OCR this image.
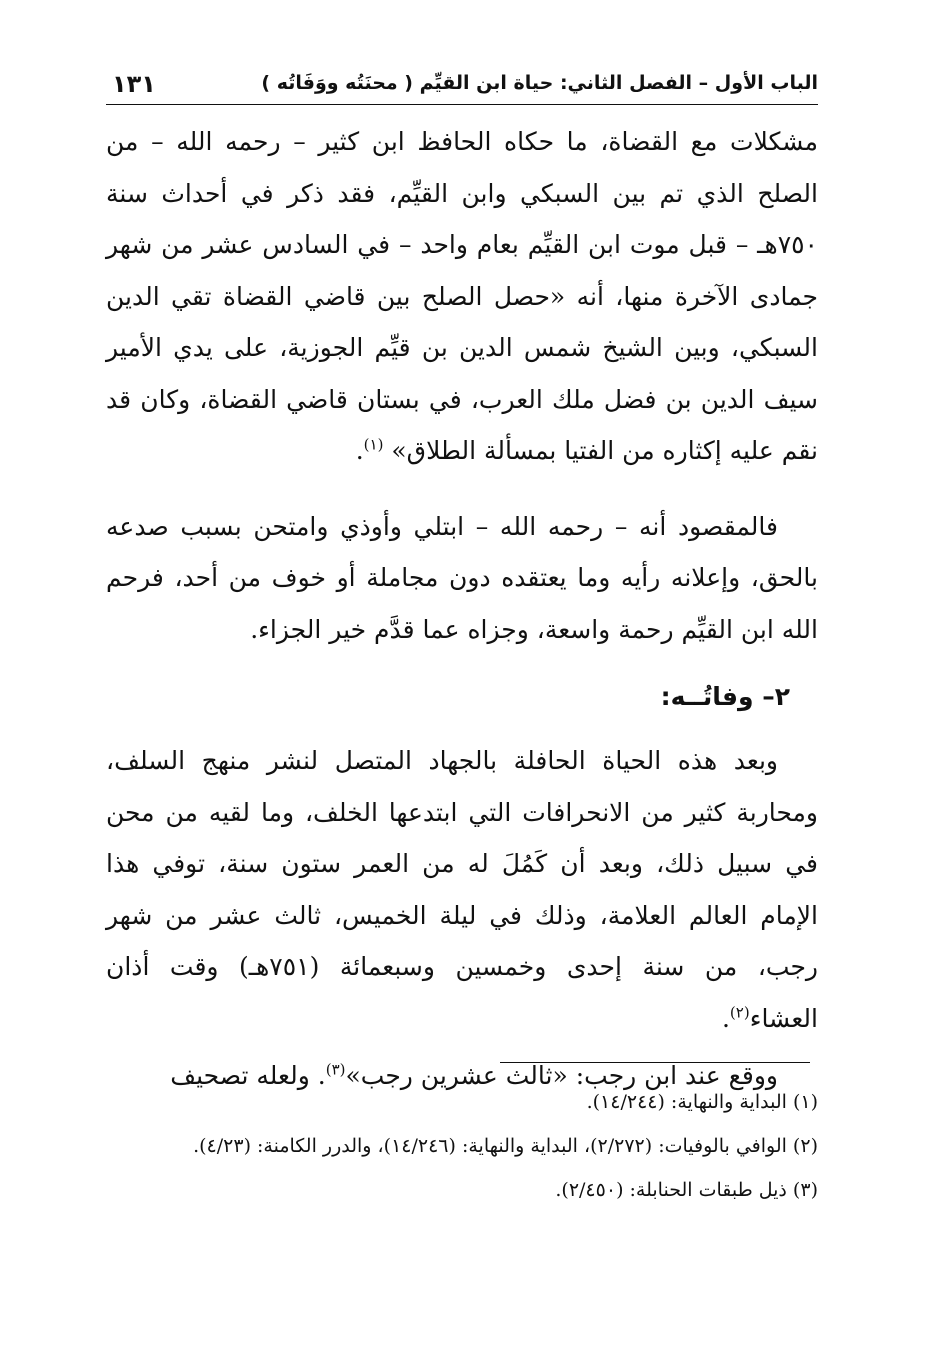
الباب الأول – الفصل الثاني: حياة ابن القيِّم ( محنَتُه ووَفَاتُه )
١٣١

مشكلات مع القضاة، ما حكاه الحافظ ابن كثير – رحمه الله – من الصلح الذي تم بين السبكي وابن القيِّم، فقد ذكر في أحداث سنة ٧٥٠هـ – قبل موت ابن القيِّم بعام واحد – في السادس عشر من شهر جمادى الآخرة منها، أنه «حصل الصلح بين قاضي القضاة تقي الدين السبكي، وبين الشيخ شمس الدين بن قيِّم الجوزية، على يدي الأمير سيف الدين بن فضل ملك العرب، في بستان قاضي القضاة، وكان قد نقم عليه إكثاره من الفتيا بمسألة الطلاق» $^{(١)}$.

فالمقصود أنه – رحمه الله – ابتلي وأوذي وامتحن بسبب صدعه بالحق، وإعلانه رأيه وما يعتقده دون مجاملة أو خوف من أحد، فرحم الله ابن القيِّم رحمة واسعة، وجزاه عما قدَّم خير الجزاء.

٢– وفاتُــه:

وبعد هذه الحياة الحافلة بالجهاد المتصل لنشر منهج السلف، ومحاربة كثير من الانحرافات التي ابتدعها الخلف، وما لقيه من محن في سبيل ذلك، وبعد أن كَمُلَ له من العمر ستون سنة، توفي هذا الإمام العالم العلامة، وذلك في ليلة الخميس، ثالث عشر من شهر رجب، من سنة إحدى وخمسين وسبعمائة (٧٥١هـ) وقت أذان العشاء$^{(٢)}$.

ووقع عند ابن رجب: «ثالث عشرين رجب»$^{(٣)}$. ولعله تصحيف

(١) البداية والنهاية: (١٤/٢٤٤).

(٢) الوافي بالوفيات: (٢/٢٧٢)، البداية والنهاية: (١٤/٢٤٦)، والدرر الكامنة: (٤/٢٣).

(٣) ذيل طبقات الحنابلة: (٢/٤٥٠).
